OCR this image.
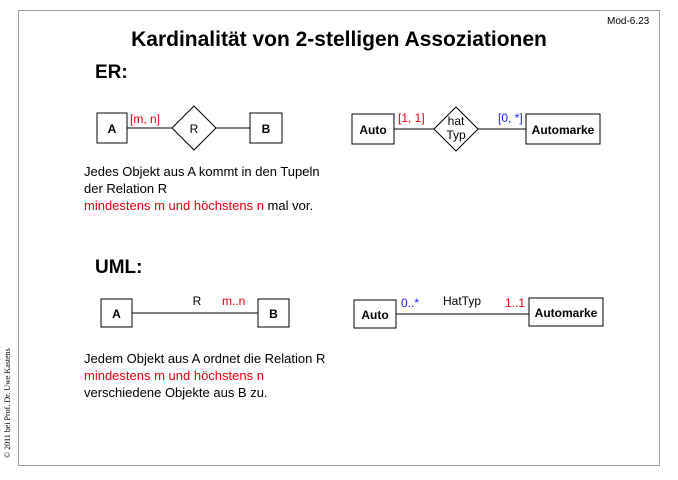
Mod-6.23
Kardinalität von 2-stelligen Assoziationen
© 2011 bei Prof. Dr. Uwe Kastens
ER:
UML:
A	R	B
[m, n]
Auto
hat
Typ	Automarke
[1, 1]	[0, *]
A	B
R m..n
Auto	Automarke
HatTyp
0..*	1..1
Jedes Objekt aus A kommt in den Tupeln
der Relation R
mindestens m und höchstens n mal vor.
Jedem Objekt aus A ordnet die Relation R
mindestens m und höchstens n
verschiedene Objekte aus B zu.
